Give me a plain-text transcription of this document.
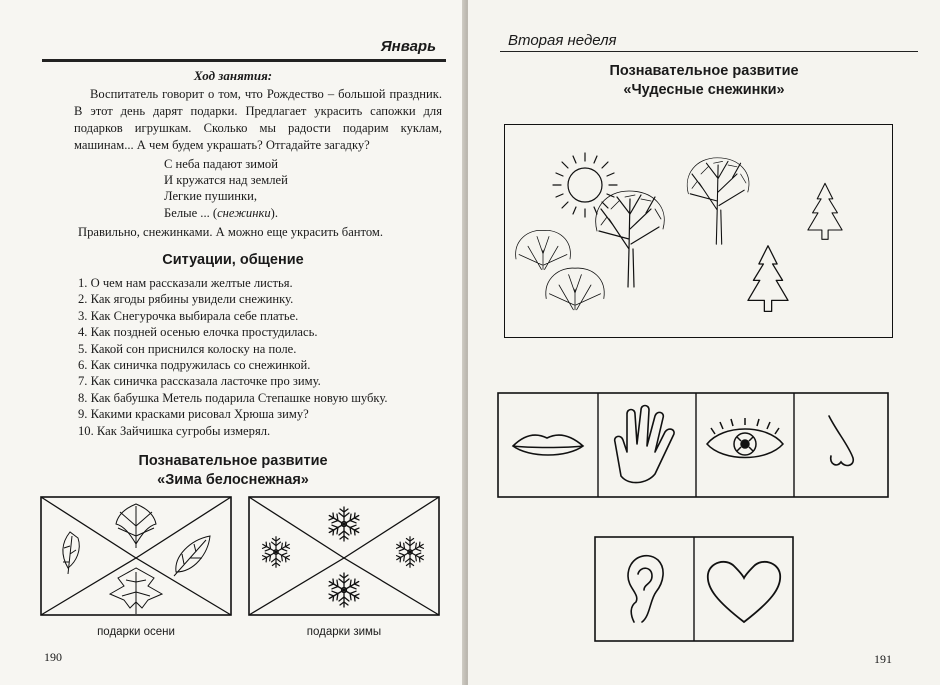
Январь
Ход занятия:
Воспитатель говорит о том, что Рождество – большой праздник. В этот день дарят подарки. Предлагает украсить сапожки для подарков игрушкам. Сколько мы радости подарим куклам, машинам... А чем будем украшать? Отгадайте загадку?
С неба падают зимой
И кружатся над землей
Легкие пушинки,
Белые ... (снежинки).
Правильно, снежинками. А можно еще украсить бантом.
Ситуации, общение
1. О чем нам рассказали желтые листья.
2. Как ягоды рябины увидели снежинку.
3. Как Снегурочка выбирала себе платье.
4. Как поздней осенью елочка простудилась.
5. Какой сон приснился колоску на поле.
6. Как синичка подружилась со снежинкой.
7. Как синичка рассказала ласточке про зиму.
8. Как бабушка Метель подарила Степашке новую шубку.
9. Какими красками рисовал Хрюша зиму?
10. Как Зайчишка сугробы измерял.
Познавательное развитие
«Зима белоснежная»
подарки осени	подарки зимы
190
Вторая неделя
Познавательное развитие
«Чудесные снежинки»
191
